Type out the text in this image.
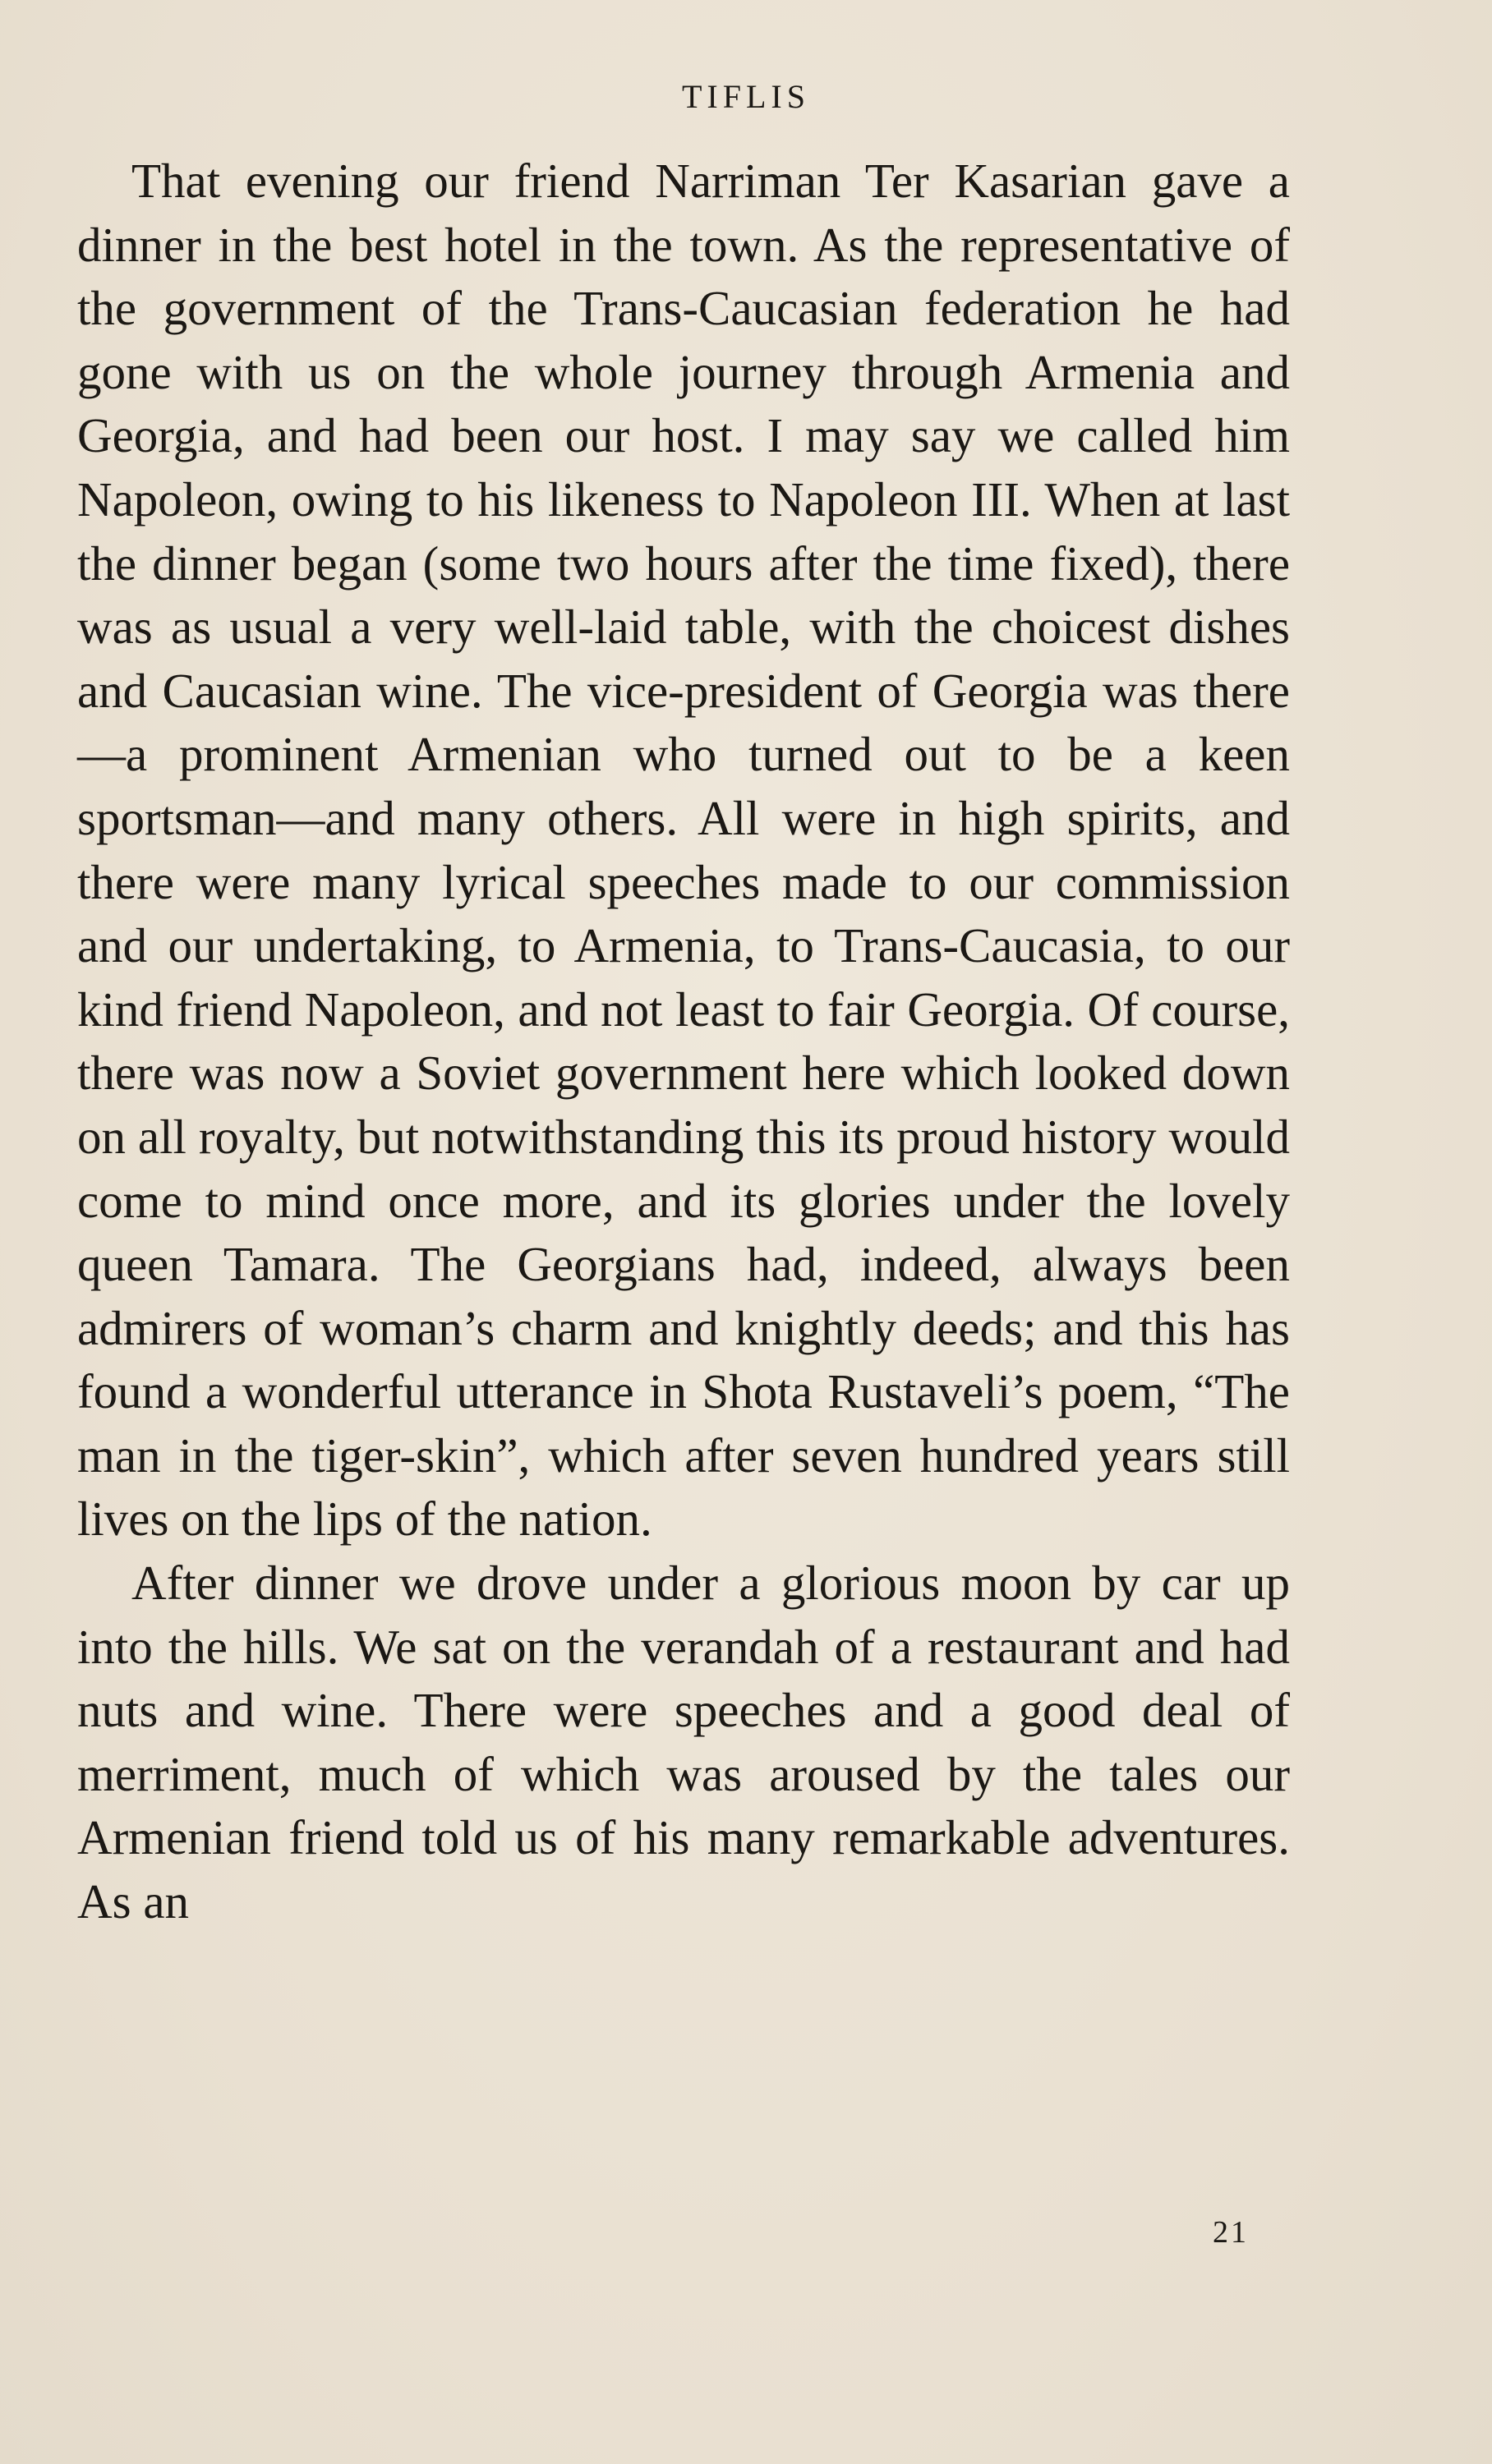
TIFLIS

That evening our friend Narriman Ter Kasarian gave a dinner in the best hotel in the town. As the representative of the government of the Trans-Caucasian federation he had gone with us on the whole journey through Armenia and Georgia, and had been our host. I may say we called him Napoleon, owing to his likeness to Napoleon III. When at last the dinner began (some two hours after the time fixed), there was as usual a very well-laid table, with the choicest dishes and Caucasian wine. The vice-president of Georgia was there—a prominent Armenian who turned out to be a keen sportsman—and many others. All were in high spirits, and there were many lyrical speeches made to our commission and our undertaking, to Armenia, to Trans-Caucasia, to our kind friend Napoleon, and not least to fair Georgia. Of course, there was now a Soviet government here which looked down on all royalty, but notwithstanding this its proud history would come to mind once more, and its glories under the lovely queen Tamara. The Georgians had, indeed, always been admirers of woman’s charm and knightly deeds; and this has found a wonderful utterance in Shota Rustaveli’s poem, “The man in the tiger-skin”, which after seven hundred years still lives on the lips of the nation.

After dinner we drove under a glorious moon by car up into the hills. We sat on the verandah of a restaurant and had nuts and wine. There were speeches and a good deal of merriment, much of which was aroused by the tales our Armenian friend told us of his many remarkable adventures. As an

21
